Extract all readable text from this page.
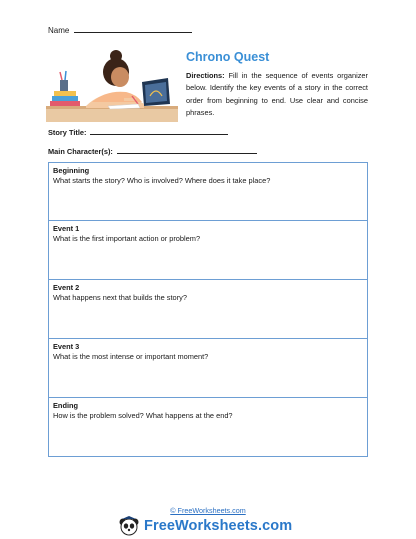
Name
Chrono Quest
Directions: Fill in the sequence of events organizer below. Identify the key events of a story in the correct order from beginning to end. Use clear and concise phrases.
Story Title:
Main Character(s):
Beginning
What starts the story? Who is involved? Where does it take place?
Event 1
What is the first important action or problem?
Event 2
What happens next that builds the story?
Event 3
What is the most intense or important moment?
Ending
How is the problem solved? What happens at the end?
© FreeWorksheets.com
FreeWorksheets.com
